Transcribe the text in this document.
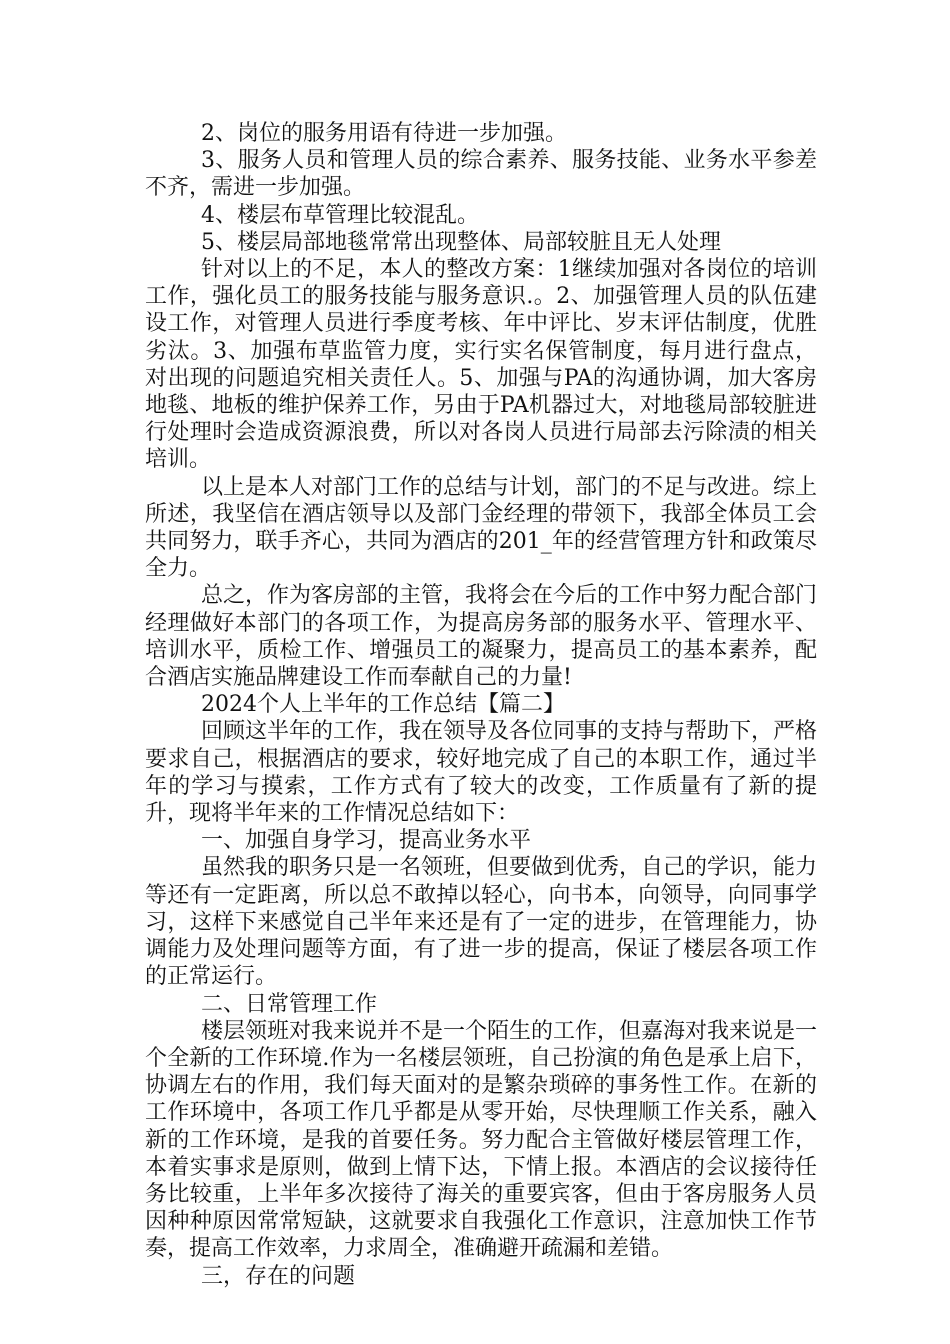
2、岗位的服务用语有待进一步加强。

3、服务人员和管理人员的综合素养、服务技能、业务水平参差不齐，需进一步加强。

4、楼层布草管理比较混乱。

5、楼层局部地毯常常出现整体、局部较脏且无人处理

针对以上的不足，本人的整改方案：1继续加强对各岗位的培训工作，强化员工的服务技能与服务意识.。2、加强管理人员的队伍建设工作，对管理人员进行季度考核、年中评比、岁末评估制度，优胜劣汰。3、加强布草监管力度，实行实名保管制度，每月进行盘点，对出现的问题追究相关责任人。5、加强与PA的沟通协调，加大客房地毯、地板的维护保养工作，另由于PA机器过大，对地毯局部较脏进行处理时会造成资源浪费，所以对各岗人员进行局部去污除渍的相关培训。

以上是本人对部门工作的总结与计划，部门的不足与改进。综上所述，我坚信在酒店领导以及部门金经理的带领下，我部全体员工会共同努力，联手齐心，共同为酒店的201_年的经营管理方针和政策尽全力。

总之，作为客房部的主管，我将会在今后的工作中努力配合部门经理做好本部门的各项工作，为提高房务部的服务水平、管理水平、培训水平，质检工作、增强员工的凝聚力，提高员工的基本素养，配合酒店实施品牌建设工作而奉献自己的力量!

2024个人上半年的工作总结【篇二】

回顾这半年的工作，我在领导及各位同事的支持与帮助下，严格要求自己，根据酒店的要求，较好地完成了自己的本职工作，通过半年的学习与摸索，工作方式有了较大的改变，工作质量有了新的提升，现将半年来的工作情况总结如下：

一、加强自身学习，提高业务水平

虽然我的职务只是一名领班，但要做到优秀，自己的学识，能力等还有一定距离，所以总不敢掉以轻心，向书本，向领导，向同事学习，这样下来感觉自己半年来还是有了一定的进步，在管理能力，协调能力及处理问题等方面，有了进一步的提高，保证了楼层各项工作的正常运行。

二、日常管理工作

楼层领班对我来说并不是一个陌生的工作，但嘉海对我来说是一个全新的工作环境.作为一名楼层领班，自己扮演的角色是承上启下，协调左右的作用，我们每天面对的是繁杂琐碎的事务性工作。在新的工作环境中，各项工作几乎都是从零开始，尽快理顺工作关系，融入新的工作环境，是我的首要任务。努力配合主管做好楼层管理工作，本着实事求是原则，做到上情下达，下情上报。本酒店的会议接待任务比较重，上半年多次接待了海关的重要宾客，但由于客房服务人员因种种原因常常短缺，这就要求自我强化工作意识，注意加快工作节奏，提高工作效率，力求周全，准确避开疏漏和差错。

三，存在的问题
